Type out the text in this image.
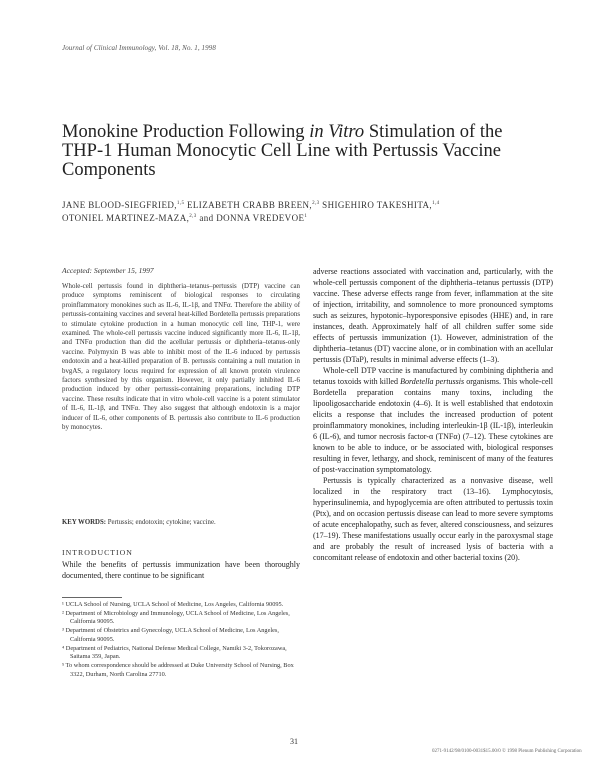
Journal of Clinical Immunology, Vol. 18, No. 1, 1998
Monokine Production Following in Vitro Stimulation of the THP-1 Human Monocytic Cell Line with Pertussis Vaccine Components
JANE BLOOD-SIEGFRIED,$^{1,5}$ ELIZABETH CRABB BREEN,$^{2,3}$ SHIGEHIRO TAKESHITA,$^{1,4}$
OTONIEL MARTINEZ-MAZA,$^{2,3}$ and DONNA VREDEVOE$^1$
Accepted: September 15, 1997
Whole-cell pertussis found in diphtheria–tetanus–pertussis (DTP) vaccine can produce symptoms reminiscent of biological responses to circulating proinflammatory monokines such as IL-6, IL-1β, and TNFα. Therefore the ability of pertussis-containing vaccines and several heat-killed Bordetella pertussis preparations to stimulate cytokine production in a human monocytic cell line, THP-1, were examined. The whole-cell pertussis vaccine induced significantly more IL-6, IL-1β, and TNFα production than did the acellular pertussis or diphtheria–tetanus-only vaccine. Polymyxin B was able to inhibit most of the IL-6 induced by pertussis endotoxin and a heat-killed preparation of B. pertussis containing a null mutation in bvgAS, a regulatory locus required for expression of all known protein virulence factors synthesized by this organism. However, it only partially inhibited IL-6 production induced by other pertussis-containing preparations, including DTP vaccine. These results indicate that in vitro whole-cell vaccine is a potent stimulator of IL-6, IL-1β, and TNFα. They also suggest that although endotoxin is a major inducer of IL-6, other components of B. pertussis also contribute to IL-6 production by monocytes.
KEY WORDS: Pertussis; endotoxin; cytokine; vaccine.
INTRODUCTION
While the benefits of pertussis immunization have been thoroughly documented, there continue to be significant

¹ UCLA School of Nursing, UCLA School of Medicine, Los Angeles, California 90095.

² Department of Microbiology and Immunology, UCLA School of Medicine, Los Angeles, California 90095.

³ Department of Obstetrics and Gynecology, UCLA School of Medicine, Los Angeles, California 90095.

⁴ Department of Pediatrics, National Defense Medical College, Namiki 3-2, Tokorozawa, Saitama 359, Japan.

⁵ To whom correspondence should be addressed at Duke University School of Nursing, Box 3322, Durham, North Carolina 27710.

adverse reactions associated with vaccination and, particularly, with the whole-cell pertussis component of the diphtheria–tetanus pertussis (DTP) vaccine. These adverse effects range from fever, inflammation at the site of injection, irritability, and somnolence to more pronounced symptoms such as seizures, hypotonic–hyporesponsive episodes (HHE) and, in rare instances, death. Approximately half of all children suffer some side effects of pertussis immunization (1). However, administration of the diphtheria–tetanus (DT) vaccine alone, or in combination with an acellular pertussis (DTaP), results in minimal adverse effects (1–3).

Whole-cell DTP vaccine is manufactured by combining diphtheria and tetanus toxoids with killed Bordetella pertussis organisms. This whole-cell Bordetella preparation contains many toxins, including the lipooligosaccharide endotoxin (4–6). It is well established that endotoxin elicits a response that includes the increased production of potent proinflammatory monokines, including interleukin-1β (IL-1β), interleukin 6 (IL-6), and tumor necrosis factor-α (TNFα) (7–12). These cytokines are known to be able to induce, or be associated with, biological responses resulting in fever, lethargy, and shock, reminiscent of many of the features of post-vaccination symptomatology.

Pertussis is typically characterized as a nonvasive disease, well localized in the respiratory tract (13–16). Lymphocytosis, hyperinsulinemia, and hypoglycemia are often attributed to pertussis toxin (Ptx), and on occasion pertussis disease can lead to more severe symptoms of acute encephalopathy, such as fever, altered consciousness, and seizures (17–19). These manifestations usually occur early in the paroxysmal stage and are probably the result of increased lysis of bacteria with a concomitant release of endotoxin and other bacterial toxins (20).

31
0271-9142/98/0100-0031$15.00/0 © 1998 Plenum Publishing Corporation
